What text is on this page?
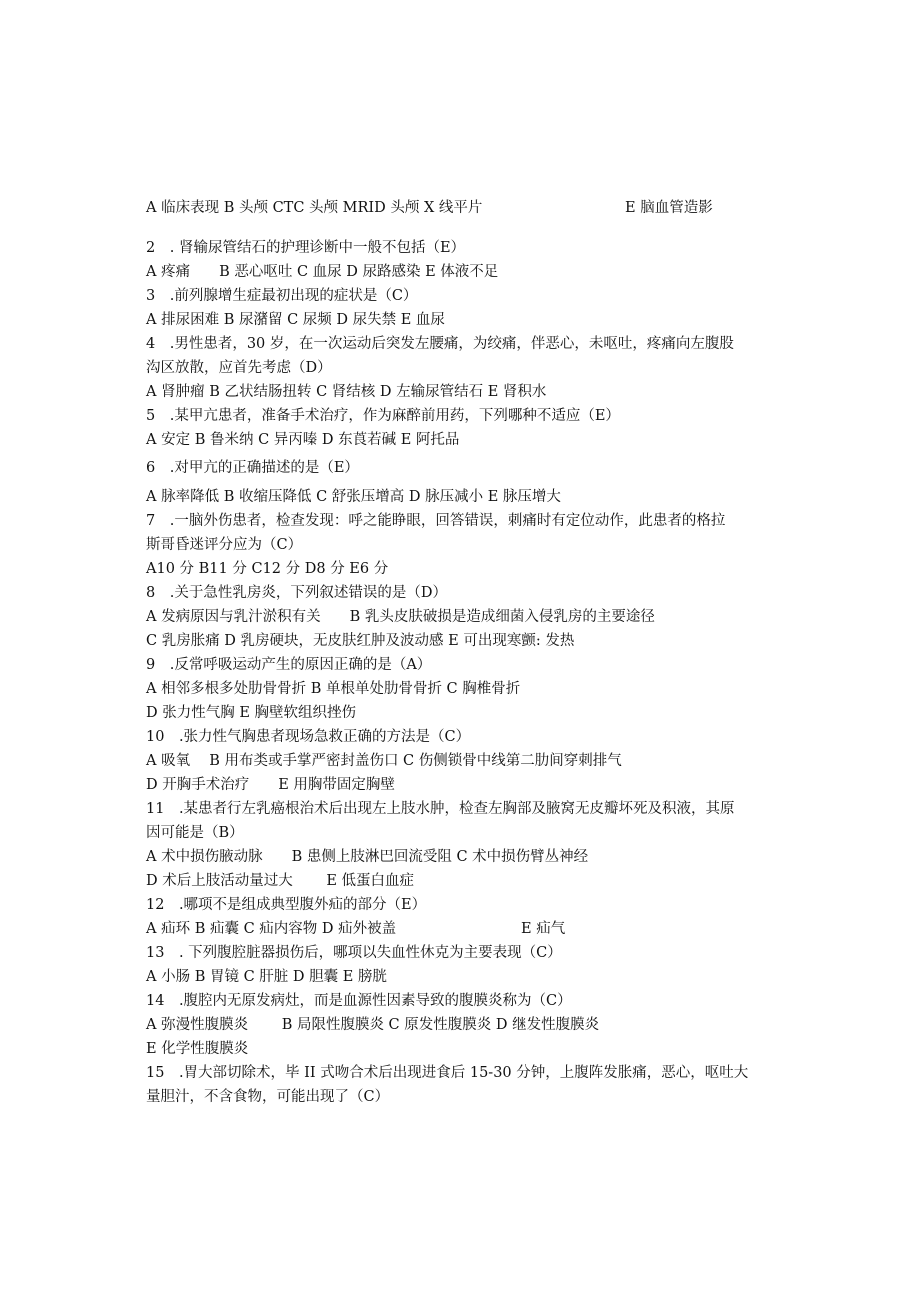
A 临床表现 B 头颅 CTC 头颅 MRID 头颅 X 线平片	E 脑血管造影
2　. 肾输尿管结石的护理诊断中一般不包括（E）
A 疼痛　　B 恶心呕吐 C 血尿 D 尿路感染 E 体液不足
3　.前列腺增生症最初出现的症状是（C）
A 排尿困难 B 尿潴留 C 尿频 D 尿失禁 E 血尿
4　.男性患者，30 岁，在一次运动后突发左腰痛，为绞痛，伴恶心，未呕吐，疼痛向左腹股
沟区放散，应首先考虑（D）
A 肾肿瘤 B 乙状结肠扭转 C 肾结核 D 左输尿管结石 E 肾积水
5　.某甲亢患者，准备手术治疗，作为麻醉前用药，下列哪种不适应（E）
A 安定 B 鲁米纳 C 异丙嗪 D 东莨若碱 E 阿托品
6　.对甲亢的正确描述的是（E）
A 脉率降低 B 收缩压降低 C 舒张压增高 D 脉压减小 E 脉压增大
7　.一脑外伤患者，检查发现：呼之能睁眼，回答错误，刺痛时有定位动作，此患者的格拉
斯哥昏迷评分应为（C）
A10 分 B11 分 C12 分 D8 分 E6 分
8　.关于急性乳房炎，下列叙述错误的是（D）
A 发病原因与乳汁淤积有关　　B 乳头皮肤破损是造成细菌入侵乳房的主要途径
C 乳房胀痛 D 乳房硬块，无皮肤红肿及波动感 E 可出现寒颤: 发热
9　.反常呼吸运动产生的原因正确的是（A）
A 相邻多根多处肋骨骨折 B 单根单处肋骨骨折 C 胸椎骨折
D 张力性气胸 E 胸壁软组织挫伤
10　.张力性气胸患者现场急救正确的方法是（C）
A 吸氧　 B 用布类或手掌严密封盖伤口 C 伤侧锁骨中线第二肋间穿刺排气
D 开胸手术治疗　　E 用胸带固定胸壁
11　.某患者行左乳癌根治术后出现左上肢水肿，检查左胸部及腋窝无皮瓣坏死及积液，其原
因可能是（B）
A 术中损伤腋动脉　　B 患侧上肢淋巴回流受阻 C 术中损伤臂丛神经
D 术后上肢活动量过大　　 E 低蛋白血症
12　.哪项不是组成典型腹外疝的部分（E）
A 疝环 B 疝囊 C 疝内容物 D 疝外被盖	E 疝气
13　. 下列腹腔脏器损伤后，哪项以失血性休克为主要表现（C）
A 小肠 B 胃镜 C 肝脏 D 胆囊 E 膀胱
14　.腹腔内无原发病灶，而是血源性因素导致的腹膜炎称为（C）
A 弥漫性腹膜炎　　 B 局限性腹膜炎 C 原发性腹膜炎 D 继发性腹膜炎
E 化学性腹膜炎
15　.胃大部切除术，毕 II 式吻合术后出现进食后 15-30 分钟，上腹阵发胀痛，恶心，呕吐大
量胆汁，不含食物，可能出现了（C）
